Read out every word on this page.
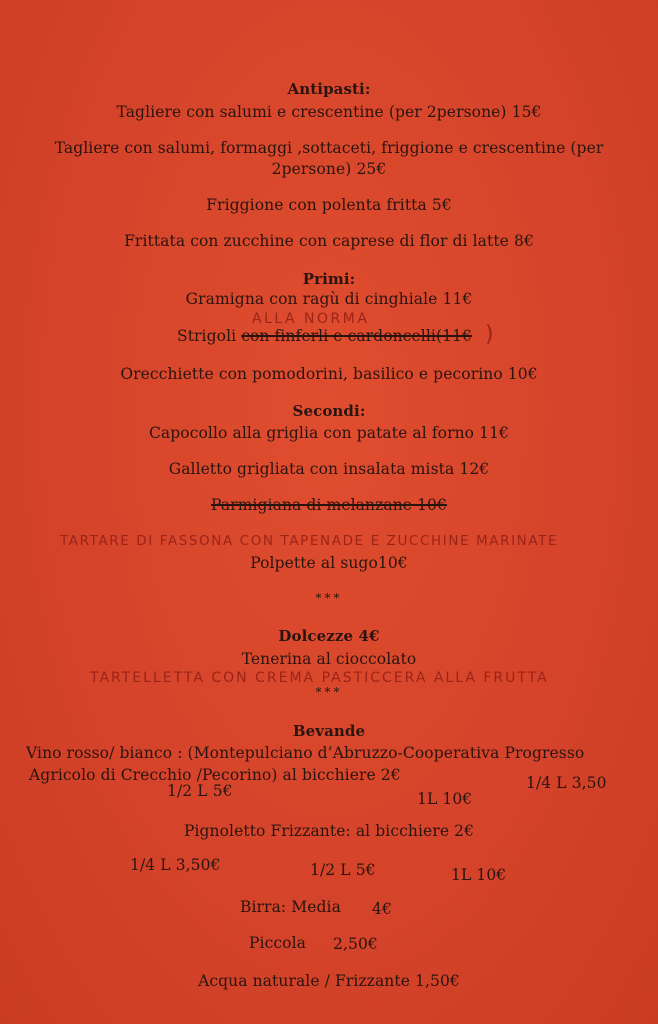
Antipasti:
Tagliere con salumi e crescentine (per 2persone) 15€
Tagliere con salumi, formaggi ,sottaceti, friggione e crescentine (per
2persone) 25€
Friggione con polenta fritta 5€
Frittata con zucchine con caprese di flor di latte 8€
Primi:
Gramigna con ragù di cinghiale 11€
ALLA NORMA
Strigoli con finferli e cardoncelli(11€ )
Orecchiette con pomodorini, basilico e pecorino 10€
Secondi:
Capocollo alla griglia con patate al forno 11€
Galletto grigliata con insalata mista 12€
Parmigiana di melanzane 10€
TARTARE DI FASSONA CON TAPENADE E ZUCCHINE MARINATE
Polpette al sugo10€
***
Dolcezze 4€
Tenerina al cioccolato
TARTELLETTA CON CREMA PASTICCERA ALLA FRUTTA
***
Bevande
Vino rosso/ bianco : (Montepulciano d’Abruzzo-Cooperativa Progresso
Agricolo di Crecchio /Pecorino) al bicchiere 2€	1/4 L 3,50
1/2 L 5€	1L 10€
Pignoletto Frizzante: al bicchiere 2€
1/4 L 3,50€	1/2 L 5€	1L 10€
Birra: Media 4€
Piccola 2,50€
Acqua naturale / Frizzante 1,50€
